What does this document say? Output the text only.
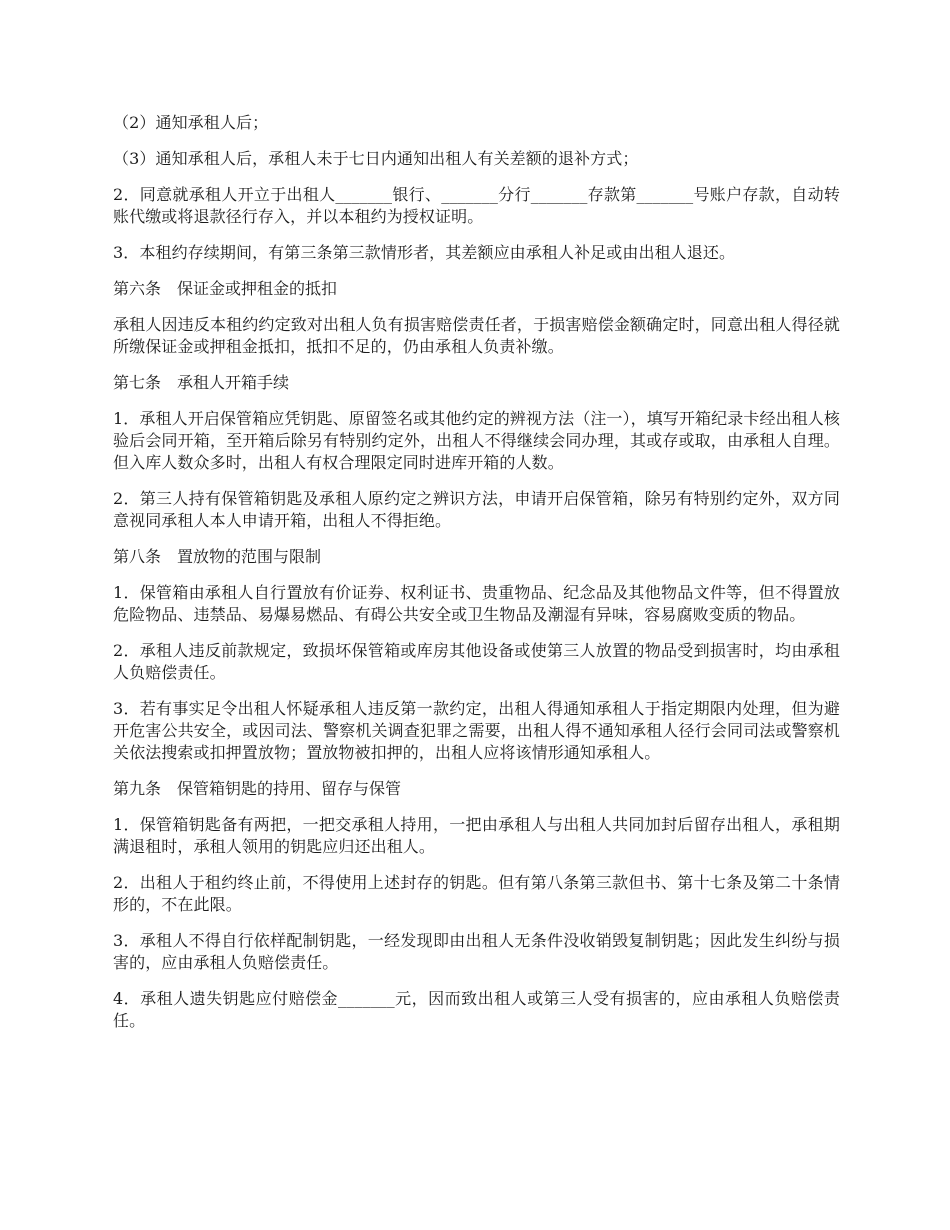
（2）通知承租人后；

（3）通知承租人后，承租人未于七日内通知出租人有关差额的退补方式；

2．同意就承租人开立于出租人_______银行、_______分行_______存款第_______号账户存款，自动转账代缴或将退款径行存入，并以本租约为授权证明。

3．本租约存续期间，有第三条第三款情形者，其差额应由承租人补足或由出租人退还。

第六条　保证金或押租金的抵扣

承租人因违反本租约约定致对出租人负有损害赔偿责任者，于损害赔偿金额确定时，同意出租人得径就所缴保证金或押租金抵扣，抵扣不足的，仍由承租人负责补缴。

第七条　承租人开箱手续

1．承租人开启保管箱应凭钥匙、原留签名或其他约定的辨视方法（注一），填写开箱纪录卡经出租人核验后会同开箱，至开箱后除另有特别约定外，出租人不得继续会同办理，其或存或取，由承租人自理。但入库人数众多时，出租人有权合理限定同时进库开箱的人数。

2．第三人持有保管箱钥匙及承租人原约定之辨识方法，申请开启保管箱，除另有特别约定外，双方同意视同承租人本人申请开箱，出租人不得拒绝。

第八条　置放物的范围与限制

1．保管箱由承租人自行置放有价证券、权利证书、贵重物品、纪念品及其他物品文件等，但不得置放危险物品、违禁品、易爆易燃品、有碍公共安全或卫生物品及潮湿有异味，容易腐败变质的物品。

2．承租人违反前款规定，致损坏保管箱或库房其他设备或使第三人放置的物品受到损害时，均由承租人负赔偿责任。

3．若有事实足令出租人怀疑承租人违反第一款约定，出租人得通知承租人于指定期限内处理，但为避开危害公共安全，或因司法、警察机关调查犯罪之需要，出租人得不通知承租人径行会同司法或警察机关依法搜索或扣押置放物；置放物被扣押的，出租人应将该情形通知承租人。

第九条　保管箱钥匙的持用、留存与保管

1．保管箱钥匙备有两把，一把交承租人持用，一把由承租人与出租人共同加封后留存出租人，承租期满退租时，承租人领用的钥匙应归还出租人。

2．出租人于租约终止前，不得使用上述封存的钥匙。但有第八条第三款但书、第十七条及第二十条情形的，不在此限。

3．承租人不得自行依样配制钥匙，一经发现即由出租人无条件没收销毁复制钥匙；因此发生纠纷与损害的，应由承租人负赔偿责任。

4．承租人遗失钥匙应付赔偿金_______元，因而致出租人或第三人受有损害的，应由承租人负赔偿责任。
